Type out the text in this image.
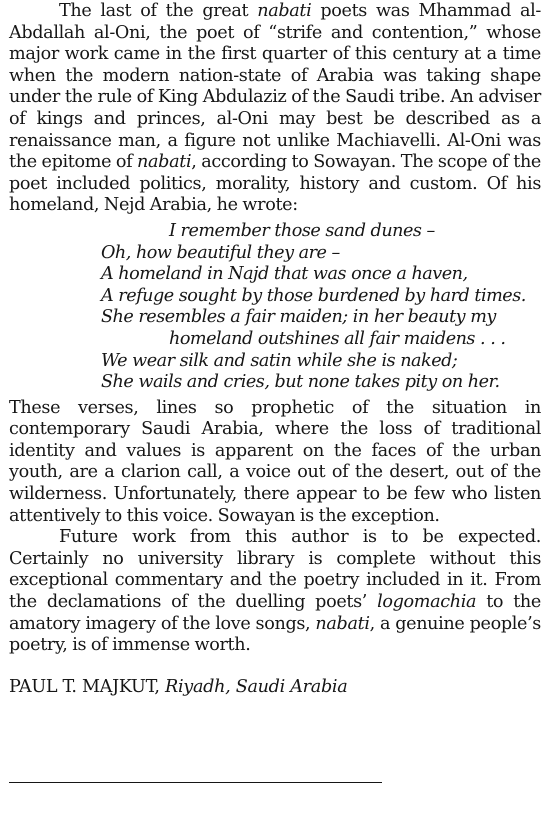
The last of the great nabati poets was Mhammad al-Abdallah al-Oni, the poet of “strife and contention,” whose major work came in the first quarter of this century at a time when the modern nation-state of Arabia was taking shape under the rule of King Abdulaziz of the Saudi tribe. An adviser of kings and princes, al-Oni may best be described as a renaissance man, a figure not unlike Machiavelli. Al-Oni was the epitome of nabati, according to Sowayan. The scope of the poet included politics, morality, history and custom. Of his homeland, Nejd Arabia, he wrote:

I remember those sand dunes –
Oh, how beautiful they are –
A homeland in Najd that was once a haven,
A refuge sought by those burdened by hard times.
She resembles a fair maiden; in her beauty my
homeland outshines all fair maidens . . .
We wear silk and satin while she is naked;
She wails and cries, but none takes pity on her.

These verses, lines so prophetic of the situation in contemporary Saudi Arabia, where the loss of traditional identity and values is apparent on the faces of the urban youth, are a clarion call, a voice out of the desert, out of the wilderness. Unfortunately, there appear to be few who listen attentively to this voice. Sowayan is the exception.

Future work from this author is to be expected. Certainly no university library is complete without this exceptional commentary and the poetry included in it. From the declamations of the duelling poets’ logomachia to the amatory imagery of the love songs, nabati, a genuine people’s poetry, is of immense worth.

PAUL T. MAJKUT, Riyadh, Saudi Arabia
